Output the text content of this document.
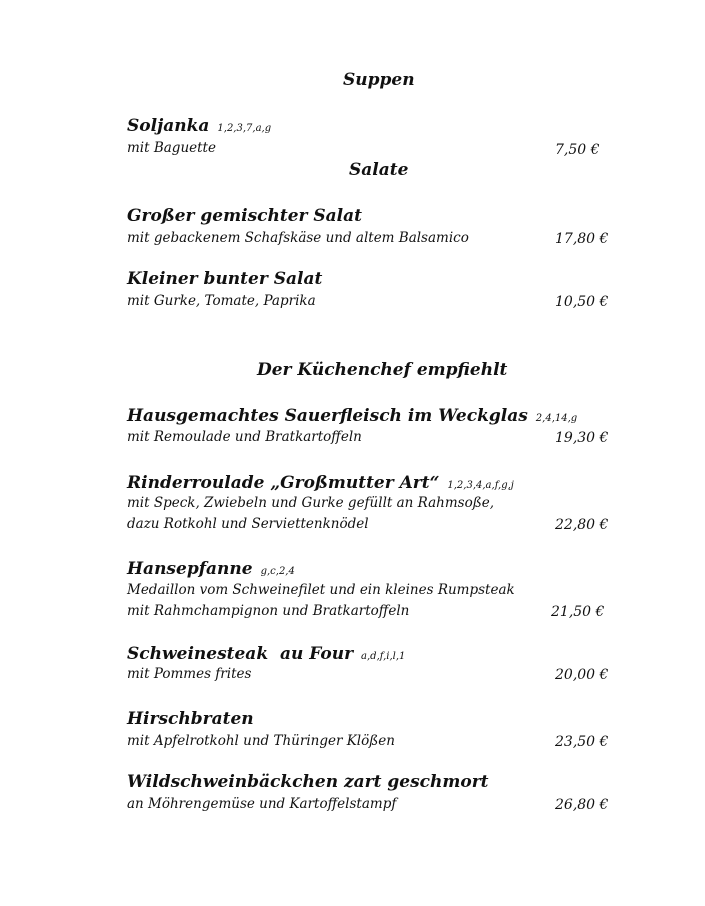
Suppen
Soljanka 1,2,3,7,a,g
mit Baguette	7,50 €
Salate
Großer gemischter Salat
mit gebackenem Schafskäse und altem Balsamico	17,80 €
Kleiner bunter Salat
mit Gurke, Tomate, Paprika	10,50 €
Der Küchenchef empfiehlt
Hausgemachtes Sauerfleisch im Weckglas 2,4,14,g
mit Remoulade und Bratkartoffeln	19,30 €
Rinderroulade „Großmutter Art“ 1,2,3,4,a,f,g,j
mit Speck, Zwiebeln und Gurke gefüllt an Rahmsoße,
dazu Rotkohl und Serviettenknödel	22,80 €
Hansepfanne g,c,2,4
Medaillon vom Schweinefilet und ein kleines Rumpsteak
mit Rahmchampignon und Bratkartoffeln	21,50 €
Schweinesteak  au Four a,d,f,i,l,1
mit Pommes frites	20,00 €
Hirschbraten
mit Apfelrotkohl und Thüringer Klößen	23,50 €
Wildschweinbäckchen zart geschmort
an Möhrengemüse und Kartoffelstampf	26,80 €
